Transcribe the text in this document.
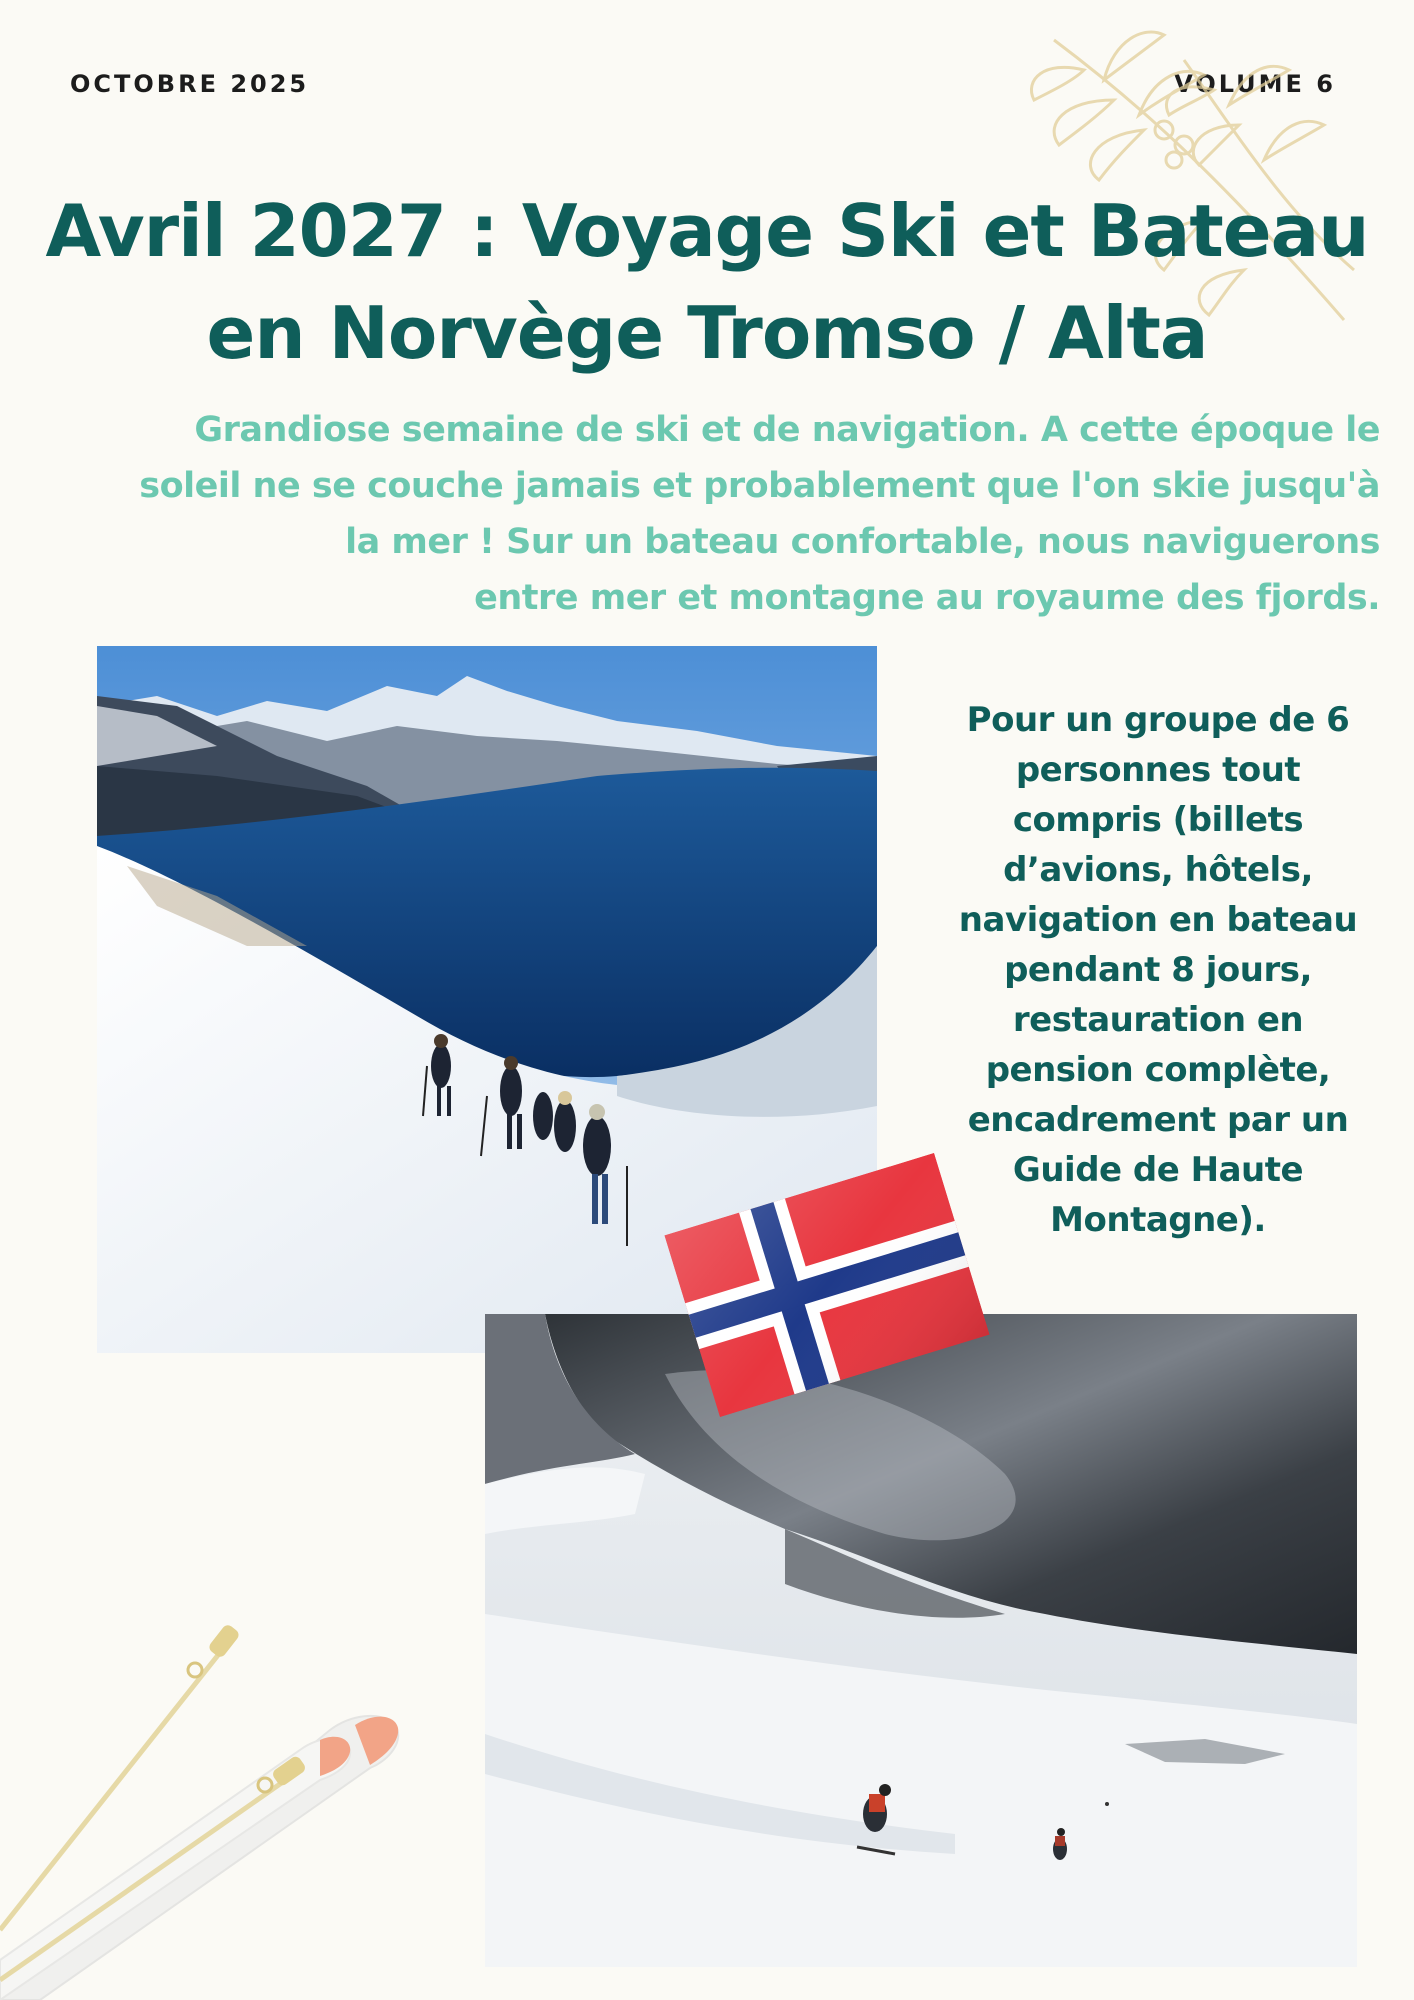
OCTOBRE 2025	VOLUME 6
Avril 2027 : Voyage Ski et Bateau
en Norvège Tromso / Alta
Grandiose semaine de ski et de navigation. A cette époque le
soleil ne se couche jamais et probablement que l'on skie jusqu'à
la mer ! Sur un bateau confortable, nous naviguerons
entre mer et montagne au royaume des fjords.
Pour un groupe de 6
personnes tout
compris (billets
d’avions, hôtels,
navigation en bateau
pendant 8 jours,
restauration en
pension complète,
encadrement par un
Guide de Haute
Montagne).
